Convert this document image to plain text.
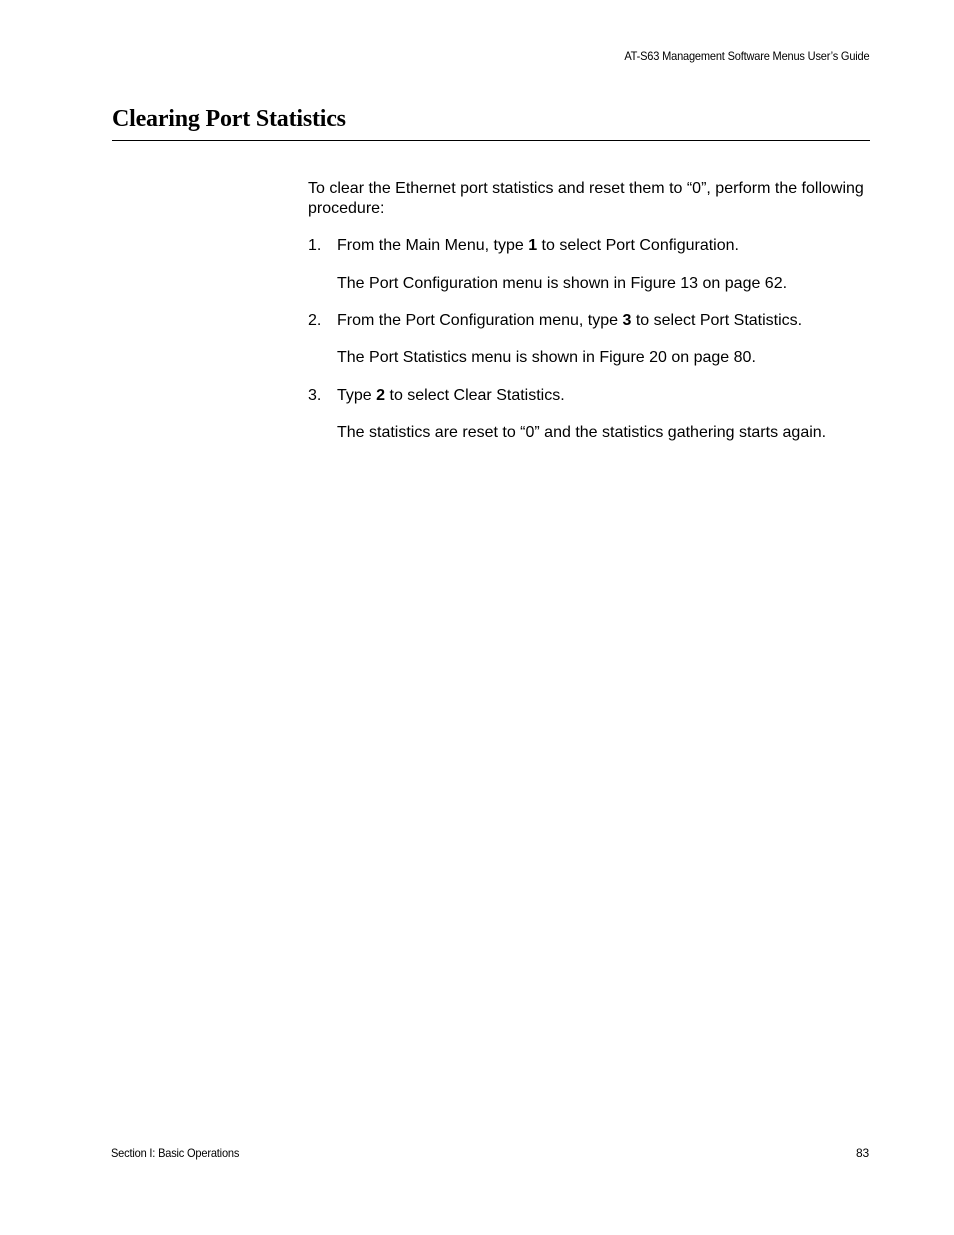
AT-S63 Management Software Menus User’s Guide
Clearing Port Statistics
To clear the Ethernet port statistics and reset them to “0”, perform the following procedure:
1. From the Main Menu, type 1 to select Port Configuration.
The Port Configuration menu is shown in Figure 13 on page 62.
2. From the Port Configuration menu, type 3 to select Port Statistics.
The Port Statistics menu is shown in Figure 20 on page 80.
3. Type 2 to select Clear Statistics.
The statistics are reset to “0” and the statistics gathering starts again.
Section I: Basic Operations	83
